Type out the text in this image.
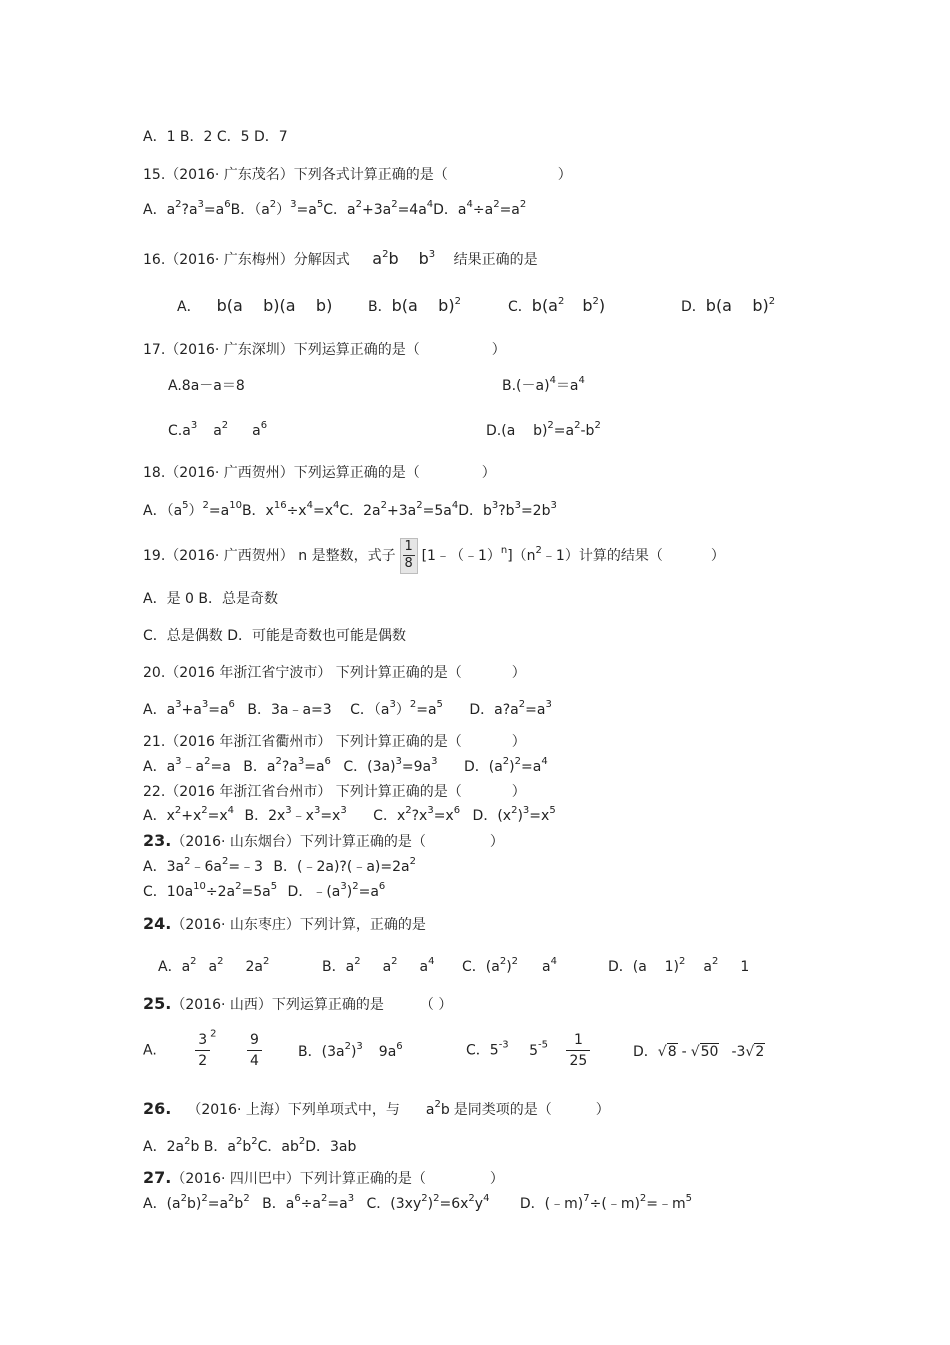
A．1 B．2 C．5 D．7
15.（2016· 广东茂名）下列各式计算正确的是（	）
A．$a^2?a^3=a^6B$．$(a^2)^3=a^5C$．$a^2+3a^2=4a^4D$．$a^4\div a^2=a^2$
16.（2016· 广东梅州）分解因式 $a^2b$ $b^3$ 结果正确的是
A． b(a    b)(a    b)	B．b(a    b)$^2$	C．$b(a^2$ $b^2$)	D．b(a    b)$^2$
17.（2016· 广东深圳）下列运算正确的是（	）
A.8a－a＝8	$B.(-a)^4=a^4$
$C.a^3$ $a^2$ $a^6$	D.(a    $b)^2=a^2-b^2$
18.（2016· 广西贺州）下列运算正确的是（	）
A．$(a^5)^2=a^{10}B$．$x^{16}\div x^4=x^4C$．$2a^2+3a^2=5a^4D$．$b^3?b^3=2b^3$
19.（2016· 广西贺州） n 是整数，式子 $\frac{1}{8}$ $[1﹣(﹣1)^n](n^2﹣1)$计算的结果（	）
A．是 0 B．总是奇数
C．总是偶数 D．可能是奇数也可能是偶数
20.（2016 年浙江省宁波市） 下列计算正确的是（	）
A．$a^3+a^3=a^6$ B．3a﹣a=3 C．$(a^3)^2=a^5$ D．$a?a^2=a^3$
21.（2016 年浙江省衢州市） 下列计算正确的是（	）
A．$a^3﹣a^2=a$ B．$a^2?a^3=a^6$ C．$(3a)^3=9a^3$ D．$(a^2)^2=a^4$
22.（2016 年浙江省台州市） 下列计算正确的是（	）
A．$x^2+x^2=x^4$ B．$2x^3﹣x^3=x^3$ C．$x^2?x^3=x^6$ D．$(x^2)^3=x^5$
23.（2016· 山东烟台）下列计算正确的是（	）
A．$3a^2﹣6a^2=﹣3$ B．$(﹣2a)?(﹣a)=2a^2$
C．$10a^{10}\div 2a^2=5a^5$ D．$﹣(a^3)^2=a^6$
24.（2016· 山东枣庄）下列计算，正确的是
A．$a^2$ $a^2$ $2a^2$	B．$a^2$ $a^2$ $a^4$ C．$(a^2)^2$ $a^4$	D．(a    1)$^2$ $a^2$ 1
25.（2016· 山西）下列运算正确的是	（ ）
A.	$\frac{3}{2} ^2 \frac{9}{4}$	B．$(3a^2)^3$ $9a^6$	C．$5^{-3}$ $5^{-5} \frac{1}{25}$	D．√8 - √50 -3√2
26. （2016· 上海）下列单项式中，与 $a^2b$ 是同类项的是（	）
A．$2a^2b$ B．$a^2b^2C$．$ab^2D$．3ab
27.（2016· 四川巴中）下列计算正确的是（	）
A．$(a^2b)^2=a^2b^2$ B．$a^6\div a^2=a^3$ C．$(3xy^2)^2=6x^2y^4$ D．$(﹣m)^7\div(﹣m)^2=﹣m^5$
